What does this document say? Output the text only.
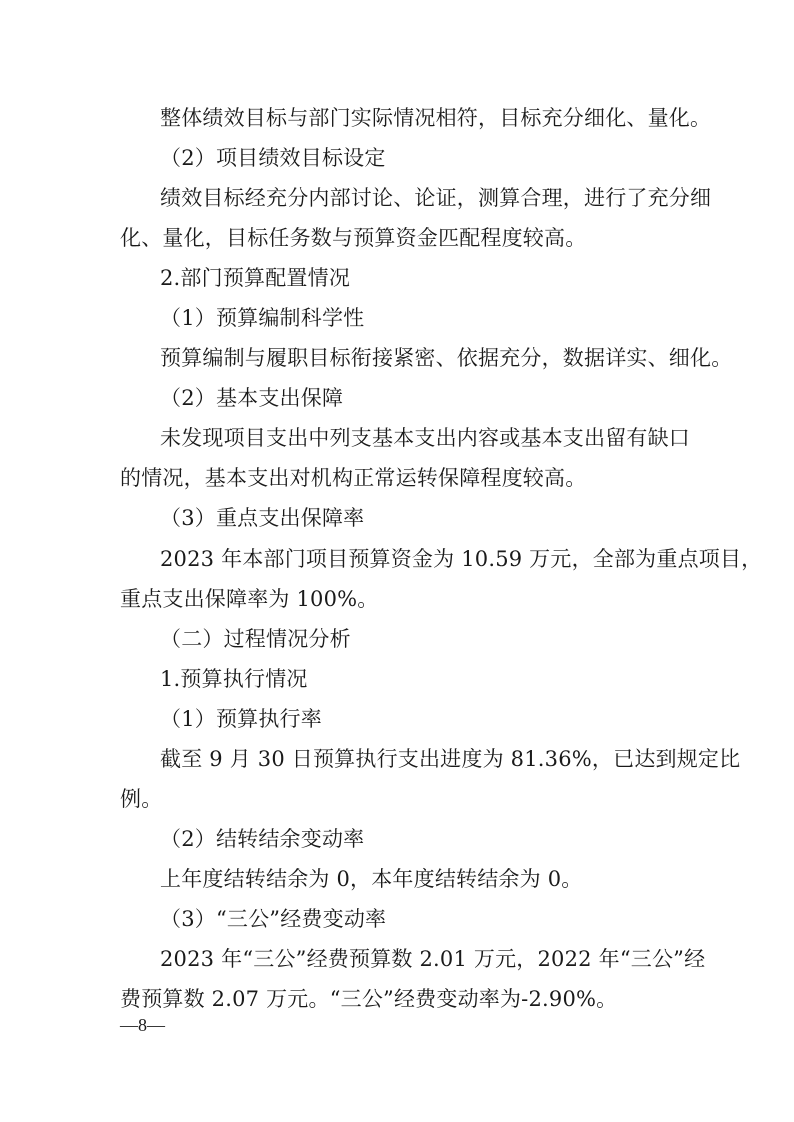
整体绩效目标与部门实际情况相符，目标充分细化、量化。
（2）项目绩效目标设定
绩效目标经充分内部讨论、论证，测算合理，进行了充分细
化、量化，目标任务数与预算资金匹配程度较高。
2.部门预算配置情况
（1）预算编制科学性
预算编制与履职目标衔接紧密、依据充分，数据详实、细化。
（2）基本支出保障
未发现项目支出中列支基本支出内容或基本支出留有缺口
的情况，基本支出对机构正常运转保障程度较高。
（3）重点支出保障率
2023 年本部门项目预算资金为 10.59 万元，全部为重点项目，
重点支出保障率为 100%。
（二）过程情况分析
1.预算执行情况
（1）预算执行率
截至 9 月 30 日预算执行支出进度为 81.36%，已达到规定比
例。
（2）结转结余变动率
上年度结转结余为 0，本年度结转结余为 0。
（3）“三公”经费变动率
2023 年“三公”经费预算数 2.01 万元，2022 年“三公”经
费预算数 2.07 万元。“三公”经费变动率为-2.90%。
—8—
